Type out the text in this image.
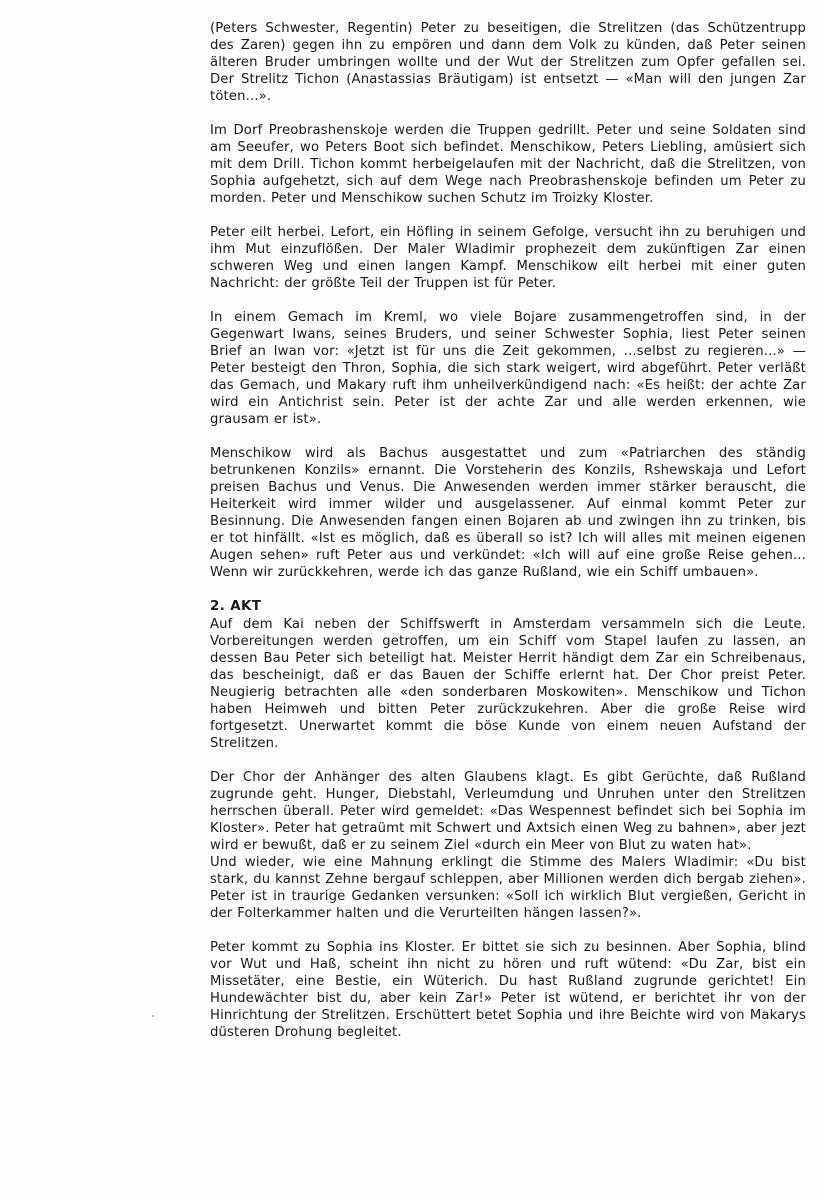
(Peters Schwester, Regentin) Peter zu beseitigen, die Strelitzen (das Schützentrupp des Zaren) gegen ihn zu empören und dann dem Volk zu künden, daß Peter seinen älteren Bruder umbringen wollte und der Wut der Strelitzen zum Opfer gefallen sei. Der Strelitz Tichon (Anastassias Bräutigam) ist entsetzt — «Man will den jungen Zar töten...».

Im Dorf Preobrashenskoje werden die Truppen gedrillt. Peter und seine Soldaten sind am Seeufer, wo Peters Boot sich befindet. Menschikow, Peters Liebling, amüsiert sich mit dem Drill. Tichon kommt herbeigelaufen mit der Nachricht, daß die Strelitzen, von Sophia aufgehetzt, sich auf dem Wege nach Preobrashenskoje befinden um Peter zu morden. Peter und Menschikow suchen Schutz im Troizky Kloster.

Peter eilt herbei. Lefort, ein Höfling in seinem Gefolge, versucht ihn zu beruhigen und ihm Mut einzuflößen. Der Maler Wladimir prophezeit dem zukünftigen Zar einen schweren Weg und einen langen Kampf. Menschikow eilt herbei mit einer guten Nachricht: der größte Teil der Truppen ist für Peter.

In einem Gemach im Kreml, wo viele Bojare zusammengetroffen sind, in der Gegenwart Iwans, seines Bruders, und seiner Schwester Sophia, liest Peter seinen Brief an Iwan vor: «Jetzt ist für uns die Zeit gekommen, ...selbst zu regieren...» — Peter besteigt den Thron, Sophia, die sich stark weigert, wird abgeführt. Peter verläßt das Gemach, und Makary ruft ihm unheilverkündigend nach: «Es heißt: der achte Zar wird ein Antichrist sein. Peter ist der achte Zar und alle werden erkennen, wie grausam er ist».

Menschikow wird als Bachus ausgestattet und zum «Patriarchen des ständig betrunkenen Konzils» ernannt. Die Vorsteherin des Konzils, Rshewskaja und Lefort preisen Bachus und Venus. Die Anwesenden werden immer stärker berauscht, die Heiterkeit wird immer wilder und ausgelassener. Auf einmal kommt Peter zur Besinnung. Die Anwesenden fangen einen Bojaren ab und zwingen ihn zu trinken, bis er tot hinfällt. «Ist es möglich, daß es überall so ist? Ich will alles mit meinen eigenen Augen sehen» ruft Peter aus und verkündet: «Ich will auf eine große Reise gehen... Wenn wir zurückkehren, werde ich das ganze Rußland, wie ein Schiff umbauen».

2. AKT

Auf dem Kai neben der Schiffswerft in Amsterdam versammeln sich die Leute. Vorbereitungen werden getroffen, um ein Schiff vom Stapel laufen zu lassen, an dessen Bau Peter sich beteiligt hat. Meister Herrit händigt dem Zar ein Schreibenaus, das bescheinigt, daß er das Bauen der Schiffe erlernt hat. Der Chor preist Peter. Neugierig betrachten alle «den sonderbaren Moskowiten». Menschikow und Tichon haben Heimweh und bitten Peter zurückzukehren. Aber die große Reise wird fortgesetzt. Unerwartet kommt die böse Kunde von einem neuen Aufstand der Strelitzen.

Der Chor der Anhänger des alten Glaubens klagt. Es gibt Gerüchte, daß Rußland zugrunde geht. Hunger, Diebstahl, Verleumdung und Unruhen unter den Strelitzen herrschen überall. Peter wird gemeldet: «Das Wespennest befindet sich bei Sophia im Kloster». Peter hat getraümt mit Schwert und Axtsich einen Weg zu bahnen», aber jezt wird er bewußt, daß er zu seinem Ziel «durch ein Meer von Blut zu waten hat».

Und wieder, wie eine Mahnung erklingt die Stimme des Malers Wladimir: «Du bist stark, du kannst Zehne bergauf schleppen, aber Millionen werden dich bergab ziehen». Peter ist in traurige Gedanken versunken: «Soll ich wirklich Blut vergießen, Gericht in der Folterkammer halten und die Verurteilten hängen lassen?».

Peter kommt zu Sophia ins Kloster. Er bittet sie sich zu besinnen. Aber Sophia, blind vor Wut und Haß, scheint ihn nicht zu hören und ruft wütend: «Du Zar, bist ein Missetäter, eine Bestie, ein Wüterich. Du hast Rußland zugrunde gerichtet! Ein Hundewächter bist du, aber kein Zar!» Peter ist wütend, er berichtet ihr von der Hinrichtung der Strelitzen. Erschüttert betet Sophia und ihre Beichte wird von Makarys düsteren Drohung begleitet.
